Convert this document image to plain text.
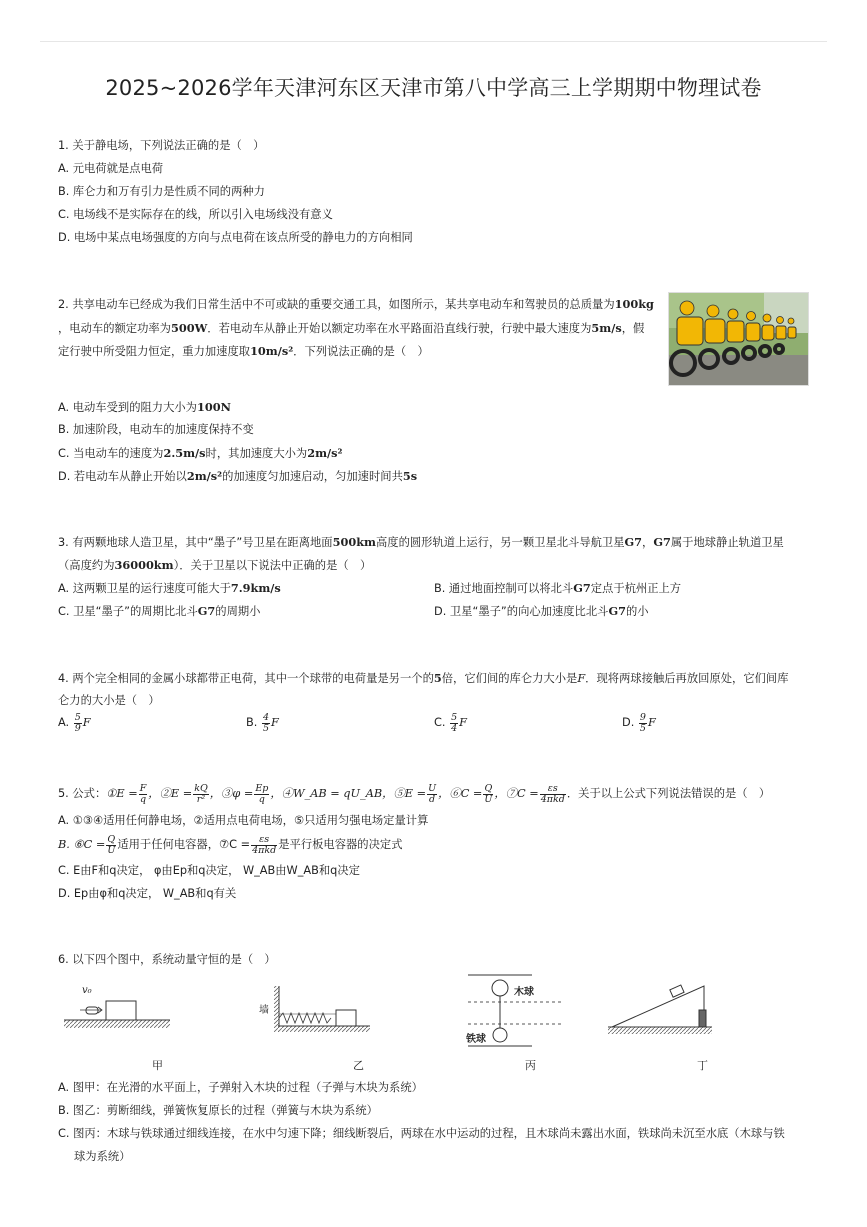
2025~2026学年天津河东区天津市第八中学高三上学期期中物理试卷
1. 关于静电场，下列说法正确的是（　）
A. 元电荷就是点电荷
B. 库仑力和万有引力是性质不同的两种力
C. 电场线不是实际存在的线，所以引入电场线没有意义
D. 电场中某点电场强度的方向与点电荷在该点所受的静电力的方向相同
2. 共享电动车已经成为我们日常生活中不可或缺的重要交通工具，如图所示，某共享电动车和驾驶员的总质量为100kg
，电动车的额定功率为500W．若电动车从静止开始以额定功率在水平路面沿直线行驶，行驶中最大速度为5m/s，假
定行驶中所受阻力恒定，重力加速度取10m/s²．下列说法正确的是（　）
A. 电动车受到的阻力大小为100N
B. 加速阶段，电动车的加速度保持不变
C. 当电动车的速度为2.5m/s时，其加速度大小为2m/s²
D. 若电动车从静止开始以2m/s²的加速度匀加速启动，匀加速时间共5s
3. 有两颗地球人造卫星，其中“墨子”号卫星在距离地面500km高度的圆形轨道上运行，另一颗卫星北斗导航卫星G7，G7属于地球静止轨道卫星
（高度约为36000km）．关于卫星以下说法中正确的是（　）
A. 这两颗卫星的运行速度可能大于7.9km/s	B. 通过地面控制可以将北斗G7定点于杭州正上方
C. 卫星“墨子”的周期比北斗G7的周期小	D. 卫星“墨子”的向心加速度比北斗G7的小
4. 两个完全相同的金属小球都带正电荷，其中一个球带的电荷量是另一个的5倍，它们间的库仑力大小是F．现将两球接触后再放回原处，它们间库
仑力的大小是（　）
A. $\frac{5}{9}$ F	B. $\frac{4}{5}$ F	C. $\frac{5}{4}$ F	D. $\frac{9}{5}$ F
5. 公式：①E = $\frac{F}{q}$ ，②E = $\frac{kQ}{\text{r²}}$ ，③φ = $\frac{Ep}{q}$ ，④W_AB = qU_AB，⑤E = $\frac{U}{d}$ ，⑥C = $\frac{Q}{U}$ ，⑦C = $\frac{\varepsilon s}{\text{4πkd}}$ ．关于以上公式下列说法错误的是（　）
A. ①③④适用任何静电场，②适用点电荷电场，⑤只适用匀强电场定量计算
B. ⑥C = $\frac{Q}{U}$ 适用于任何电容器，⑦C = $\frac{\varepsilon s}{\text{4πkd}}$ 是平行板电容器的决定式
C. E由F和q决定， φ由Ep和q决定， W_AB由W_AB和q决定
D. Ep由φ和q决定， W_AB和q有关
6. 以下四个图中，系统动量守恒的是（　）
v₀
墙
木球
铁球
甲	乙	丙	丁
A. 图甲：在光滑的水平面上，子弹射入木块的过程（子弹与木块为系统）
B. 图乙：剪断细线，弹簧恢复原长的过程（弹簧与木块为系统）
C. 图丙：木球与铁球通过细线连接，在水中匀速下降；细线断裂后，两球在水中运动的过程，且木球尚未露出水面，铁球尚未沉至水底（木球与铁
球为系统）
